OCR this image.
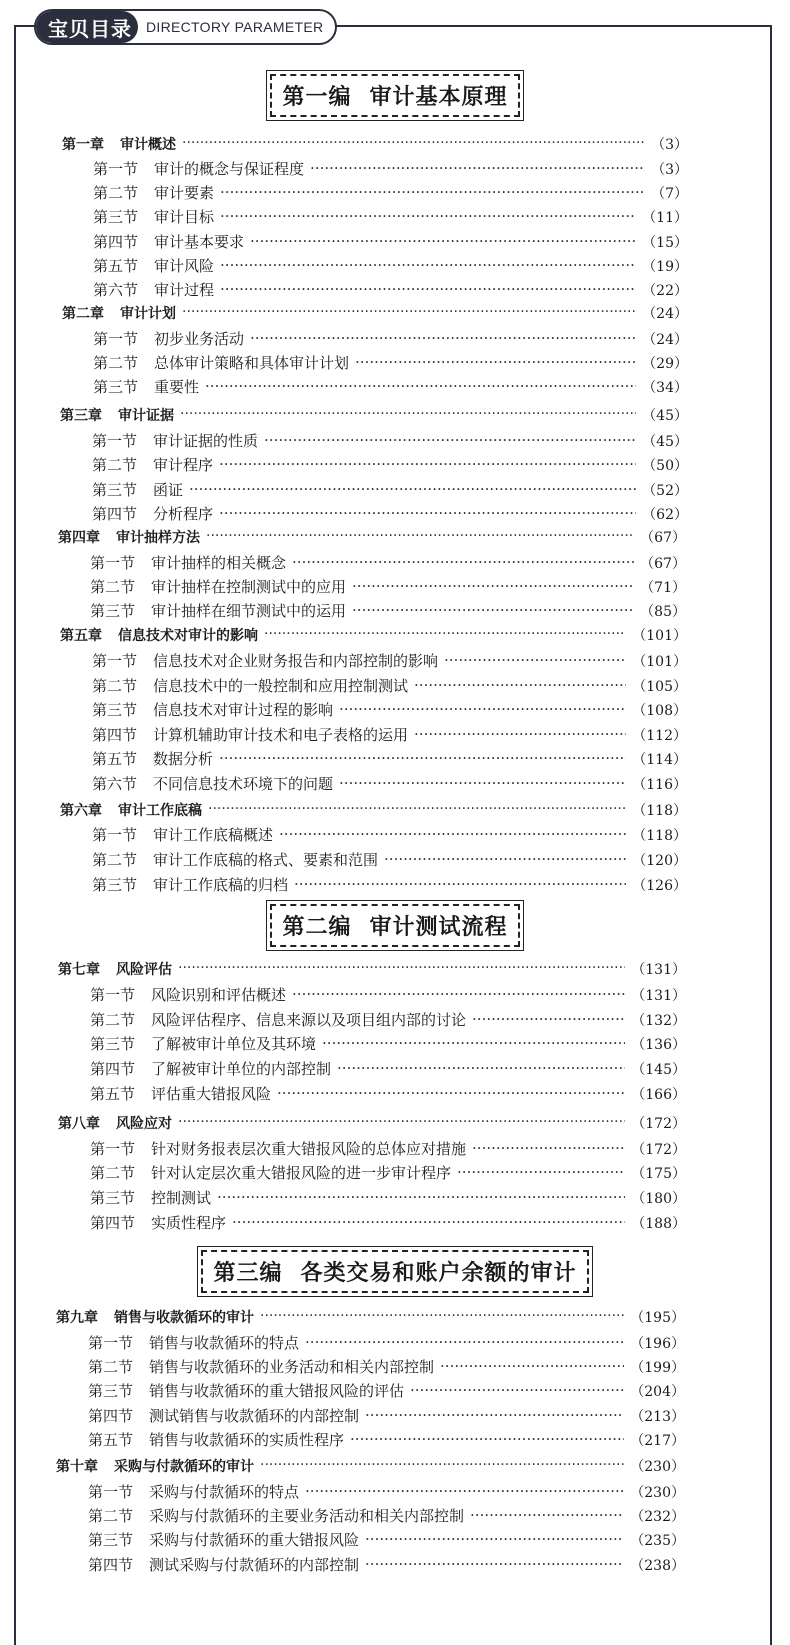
宝贝目录	DIRECTORY PARAMETER
第一编 审计基本原理
第一章 审计概述 ·····	（3）
第一节 审计的概念与保证程度 ·····	（3）
第二节 审计要素 ·····	（7）
第三节 审计目标 ·····	（11）
第四节 审计基本要求 ·····	（15）
第五节 审计风险 ·····	（19）
第六节 审计过程 ·····	（22）
第二章 审计计划 ·····	（24）
第一节 初步业务活动 ·····	（24）
第二节 总体审计策略和具体审计计划 ·····	（29）
第三节 重要性 ·····	（34）
第三章 审计证据 ·····	（45）
第一节 审计证据的性质 ·····	（45）
第二节 审计程序 ·····	（50）
第三节 函证 ·····	（52）
第四节 分析程序 ·····	（62）
第四章 审计抽样方法 ·····	（67）
第一节 审计抽样的相关概念 ·····	（67）
第二节 审计抽样在控制测试中的应用 ·····	（71）
第三节 审计抽样在细节测试中的运用 ·····	（85）
第五章 信息技术对审计的影响 ·····	（101）
第一节 信息技术对企业财务报告和内部控制的影响 ·····	（101）
第二节 信息技术中的一般控制和应用控制测试 ·····	（105）
第三节 信息技术对审计过程的影响 ·····	（108）
第四节 计算机辅助审计技术和电子表格的运用 ·····	（112）
第五节 数据分析 ·····	（114）
第六节 不同信息技术环境下的问题 ·····	（116）
第六章 审计工作底稿 ·····	（118）
第一节 审计工作底稿概述 ·····	（118）
第二节 审计工作底稿的格式、要素和范围 ·····	（120）
第三节 审计工作底稿的归档 ·····	（126）
第二编 审计测试流程
第七章 风险评估 ·····	（131）
第一节 风险识别和评估概述 ·····	（131）
第二节 风险评估程序、信息来源以及项目组内部的讨论 ·····	（132）
第三节 了解被审计单位及其环境 ·····	（136）
第四节 了解被审计单位的内部控制 ·····	（145）
第五节 评估重大错报风险 ·····	（166）
第八章 风险应对 ·····	（172）
第一节 针对财务报表层次重大错报风险的总体应对措施 ·····	（172）
第二节 针对认定层次重大错报风险的进一步审计程序 ·····	（175）
第三节 控制测试 ·····	（180）
第四节 实质性程序 ·····	（188）
第三编 各类交易和账户余额的审计
第九章 销售与收款循环的审计 ·····	（195）
第一节 销售与收款循环的特点 ·····	（196）
第二节 销售与收款循环的业务活动和相关内部控制 ·····	（199）
第三节 销售与收款循环的重大错报风险的评估 ·····	（204）
第四节 测试销售与收款循环的内部控制 ·····	（213）
第五节 销售与收款循环的实质性程序 ·····	（217）
第十章 采购与付款循环的审计 ·····	（230）
第一节 采购与付款循环的特点 ·····	（230）
第二节 采购与付款循环的主要业务活动和相关内部控制 ·····	（232）
第三节 采购与付款循环的重大错报风险 ·····	（235）
第四节 测试采购与付款循环的内部控制 ·····	（238）
